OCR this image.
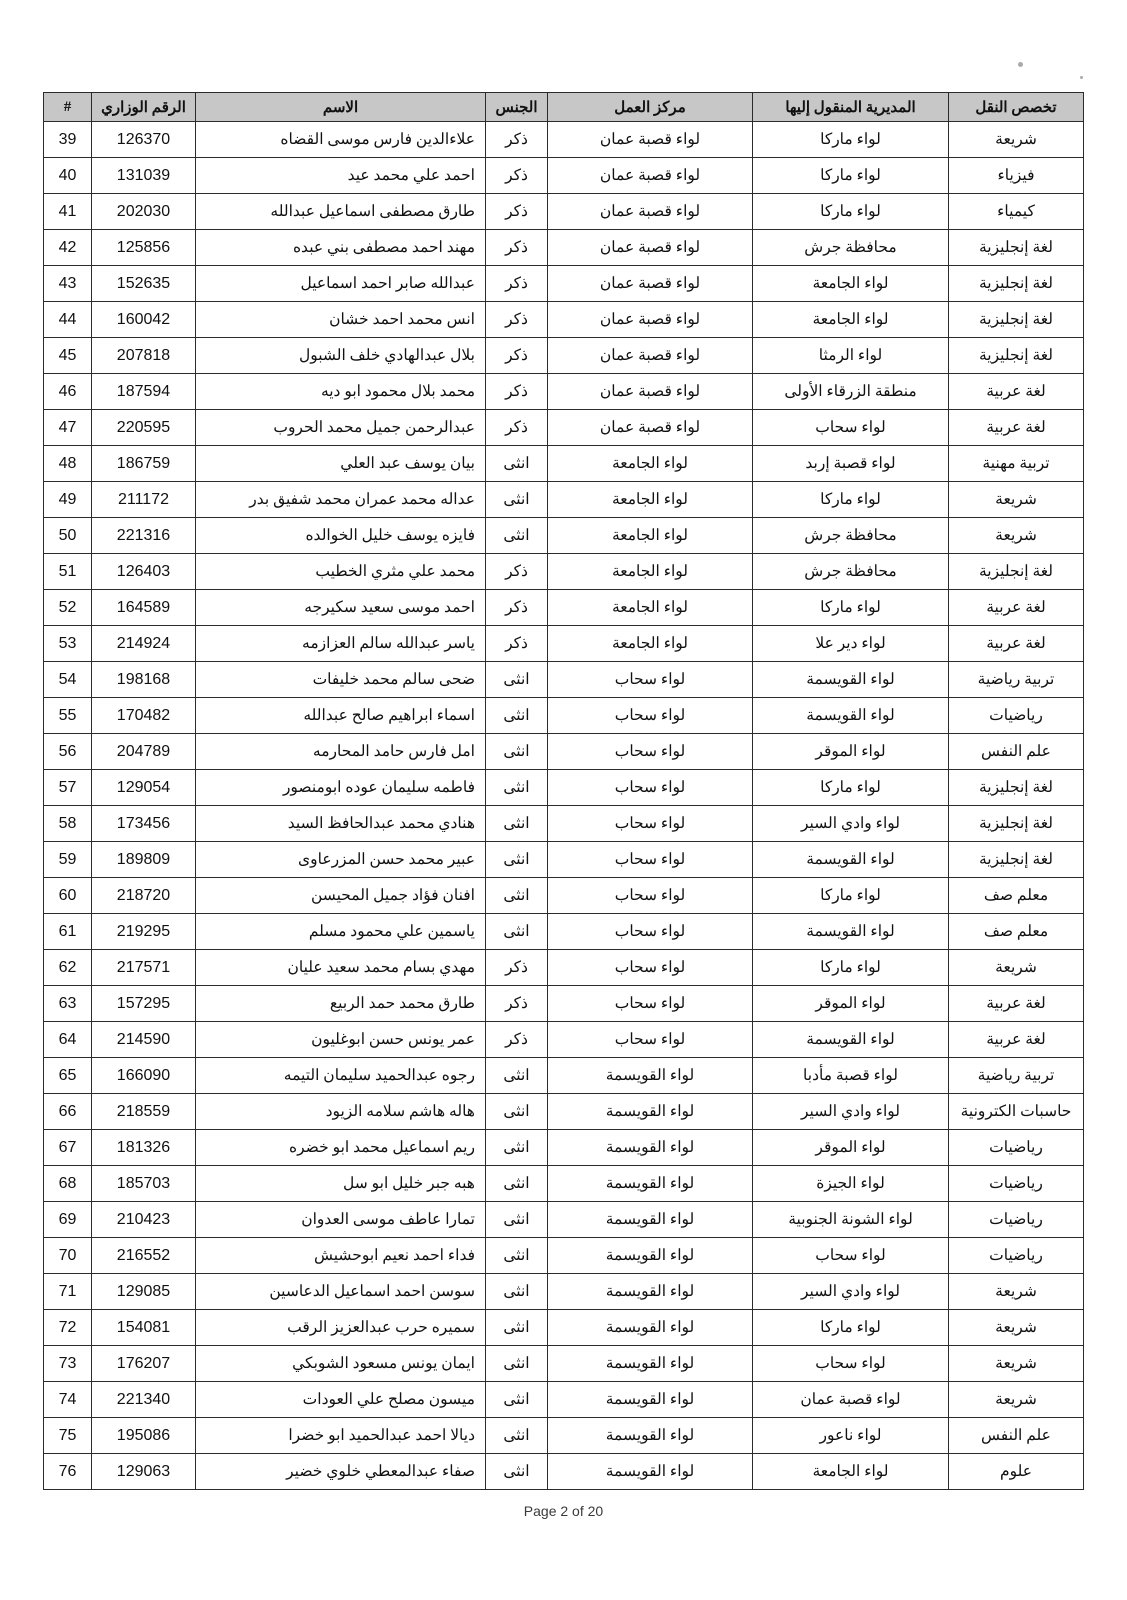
تخصص النقل	المديرية المنقول إليها	مركز العمل	الجنس	الاسم	الرقم الوزاري	#
شريعة	لواء ماركا	لواء قصبة عمان	ذكر	علاءالدين فارس موسى القضاه	126370	39
فيزياء	لواء ماركا	لواء قصبة عمان	ذكر	احمد علي محمد عيد	131039	40
كيمياء	لواء ماركا	لواء قصبة عمان	ذكر	طارق مصطفى اسماعيل عبدالله	202030	41
لغة إنجليزية	محافظة جرش	لواء قصبة عمان	ذكر	مهند احمد مصطفى بني عبده	125856	42
لغة إنجليزية	لواء الجامعة	لواء قصبة عمان	ذكر	عبدالله صابر احمد اسماعيل	152635	43
لغة إنجليزية	لواء الجامعة	لواء قصبة عمان	ذكر	انس محمد احمد خشان	160042	44
لغة إنجليزية	لواء الرمثا	لواء قصبة عمان	ذكر	بلال عبدالهادي خلف الشبول	207818	45
لغة عربية	منطقة الزرقاء الأولى	لواء قصبة عمان	ذكر	محمد بلال محمود ابو ديه	187594	46
لغة عربية	لواء سحاب	لواء قصبة عمان	ذكر	عبدالرحمن جميل محمد الحروب	220595	47
تربية مهنية	لواء قصبة إربد	لواء الجامعة	انثى	بيان يوسف عبد العلي	186759	48
شريعة	لواء ماركا	لواء الجامعة	انثى	عداله محمد عمران محمد شفيق بدر	211172	49
شريعة	محافظة جرش	لواء الجامعة	انثى	فايزه يوسف خليل الخوالده	221316	50
لغة إنجليزية	محافظة جرش	لواء الجامعة	ذكر	محمد علي مثري الخطيب	126403	51
لغة عربية	لواء ماركا	لواء الجامعة	ذكر	احمد موسى سعيد سكيرجه	164589	52
لغة عربية	لواء دير علا	لواء الجامعة	ذكر	ياسر عبدالله سالم العزازمه	214924	53
تربية رياضية	لواء القويسمة	لواء سحاب	انثى	ضحى سالم محمد خليفات	198168	54
رياضيات	لواء القويسمة	لواء سحاب	انثى	اسماء ابراهيم صالح عبدالله	170482	55
علم النفس	لواء الموقر	لواء سحاب	انثى	امل فارس حامد المحارمه	204789	56
لغة إنجليزية	لواء ماركا	لواء سحاب	انثى	فاطمه سليمان عوده ابومنصور	129054	57
لغة إنجليزية	لواء وادي السير	لواء سحاب	انثى	هنادي محمد عبدالحافظ السيد	173456	58
لغة إنجليزية	لواء القويسمة	لواء سحاب	انثى	عبير محمد حسن المزرعاوى	189809	59
معلم صف	لواء ماركا	لواء سحاب	انثى	افنان فؤاد جميل المحيسن	218720	60
معلم صف	لواء القويسمة	لواء سحاب	انثى	ياسمين علي محمود مسلم	219295	61
شريعة	لواء ماركا	لواء سحاب	ذكر	مهدي بسام محمد سعيد عليان	217571	62
لغة عربية	لواء الموقر	لواء سحاب	ذكر	طارق محمد حمد الربيع	157295	63
لغة عربية	لواء القويسمة	لواء سحاب	ذكر	عمر يونس حسن ابوغليون	214590	64
تربية رياضية	لواء قصبة مأدبا	لواء القويسمة	انثى	رجوه عبدالحميد سليمان التيمه	166090	65
حاسبات الكترونية	لواء وادي السير	لواء القويسمة	انثى	هاله هاشم سلامه الزيود	218559	66
رياضيات	لواء الموقر	لواء القويسمة	انثى	ريم اسماعيل محمد ابو خضره	181326	67
رياضيات	لواء الجيزة	لواء القويسمة	انثى	هبه جبر خليل ابو سل	185703	68
رياضيات	لواء الشونة الجنوبية	لواء القويسمة	انثى	تمارا عاطف موسى العدوان	210423	69
رياضيات	لواء سحاب	لواء القويسمة	انثى	فداء احمد نعيم ابوحشيش	216552	70
شريعة	لواء وادي السير	لواء القويسمة	انثى	سوسن احمد اسماعيل الدعاسين	129085	71
شريعة	لواء ماركا	لواء القويسمة	انثى	سميره حرب عبدالعزيز الرقب	154081	72
شريعة	لواء سحاب	لواء القويسمة	انثى	ايمان يونس مسعود الشوبكي	176207	73
شريعة	لواء قصبة عمان	لواء القويسمة	انثى	ميسون مصلح علي العودات	221340	74
علم النفس	لواء ناعور	لواء القويسمة	انثى	ديالا احمد عبدالحميد ابو خضرا	195086	75
علوم	لواء الجامعة	لواء القويسمة	انثى	صفاء عبدالمعطي خلوي خضير	129063	76
Page 2 of 20
